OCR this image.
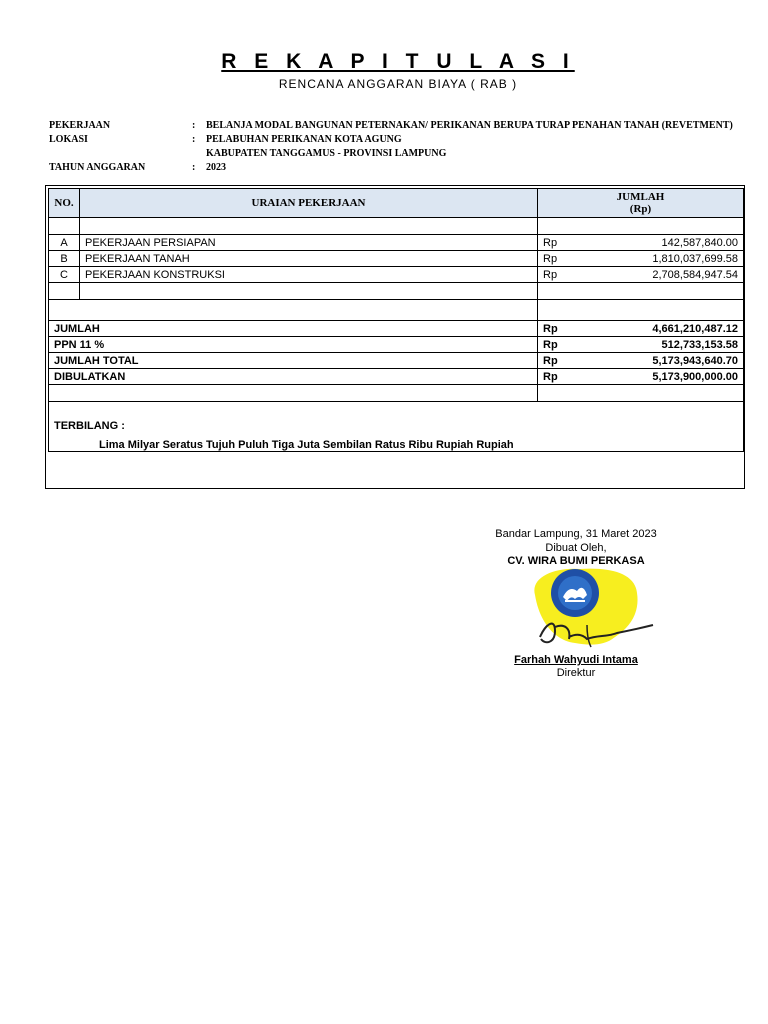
R E K A P I T U L A S I
RENCANA ANGGARAN BIAYA ( RAB )
PEKERJAAN	: BELANJA MODAL BANGUNAN PETERNAKAN/ PERIKANAN BERUPA TURAP PENAHAN TANAH (REVETMENT)
LOKASI	: PELABUHAN PERIKANAN KOTA AGUNG
KABUPATEN TANGGAMUS - PROVINSI LAMPUNG
TAHUN ANGGARAN	: 2023
NO.	URAIAN PEKERJAAN	JUMLAH
(Rp)	

A	PEKERJAAN PERSIAPAN	Rp	142,587,840.00
B	PEKERJAAN TANAH	Rp	1,810,037,699.58
C	PEKERJAAN KONSTRUKSI	Rp	2,708,584,947.54

JUMLAH		Rp	4,661,210,487.12
PPN 11 %		Rp	512,733,153.58
JUMLAH TOTAL		Rp	5,173,943,640.70
DIBULATKAN		Rp	5,173,900,000.00

TERBILANG :
Lima Milyar Seratus Tujuh Puluh Tiga Juta Sembilan Ratus Ribu Rupiah Rupiah			
Bandar Lampung, 31 Maret 2023
Dibuat Oleh,
CV. WIRA BUMI PERKASA
Farhah Wahyudi Intama
Direktur
